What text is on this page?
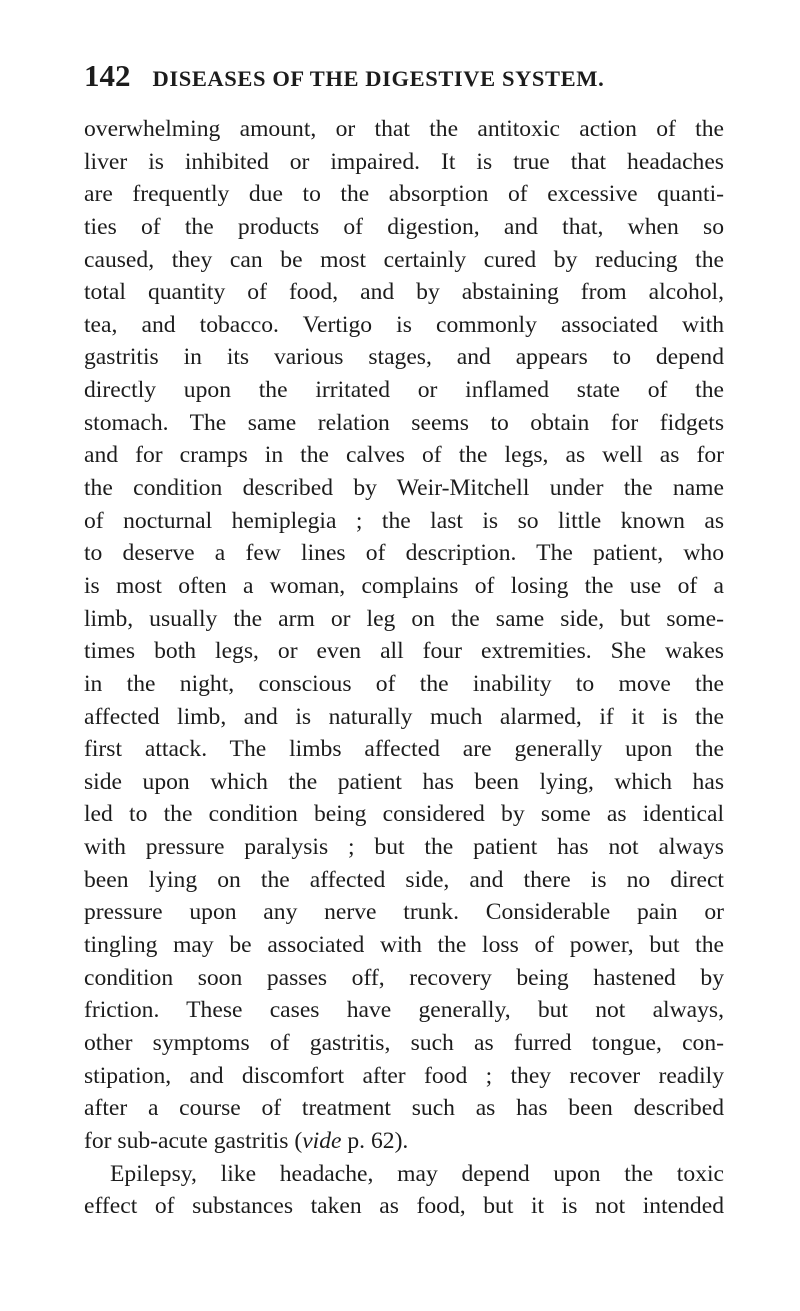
142 DISEASES OF THE DIGESTIVE SYSTEM.
overwhelming amount, or that the antitoxic action of the
liver is inhibited or impaired. It is true that headaches
are frequently due to the absorption of excessive quanti-
ties of the products of digestion, and that, when so
caused, they can be most certainly cured by reducing the
total quantity of food, and by abstaining from alcohol,
tea, and tobacco. Vertigo is commonly associated with
gastritis in its various stages, and appears to depend
directly upon the irritated or inflamed state of the
stomach. The same relation seems to obtain for fidgets
and for cramps in the calves of the legs, as well as for
the condition described by Weir-Mitchell under the name
of nocturnal hemiplegia ; the last is so little known as
to deserve a few lines of description. The patient, who
is most often a woman, complains of losing the use of a
limb, usually the arm or leg on the same side, but some-
times both legs, or even all four extremities. She wakes
in the night, conscious of the inability to move the
affected limb, and is naturally much alarmed, if it is the
first attack. The limbs affected are generally upon the
side upon which the patient has been lying, which has
led to the condition being considered by some as identical
with pressure paralysis ; but the patient has not always
been lying on the affected side, and there is no direct
pressure upon any nerve trunk. Considerable pain or
tingling may be associated with the loss of power, but the
condition soon passes off, recovery being hastened by
friction. These cases have generally, but not always,
other symptoms of gastritis, such as furred tongue, con-
stipation, and discomfort after food ; they recover readily
after a course of treatment such as has been described
for sub-acute gastritis (vide p. 62).
Epilepsy, like headache, may depend upon the toxic
effect of substances taken as food, but it is not intended
